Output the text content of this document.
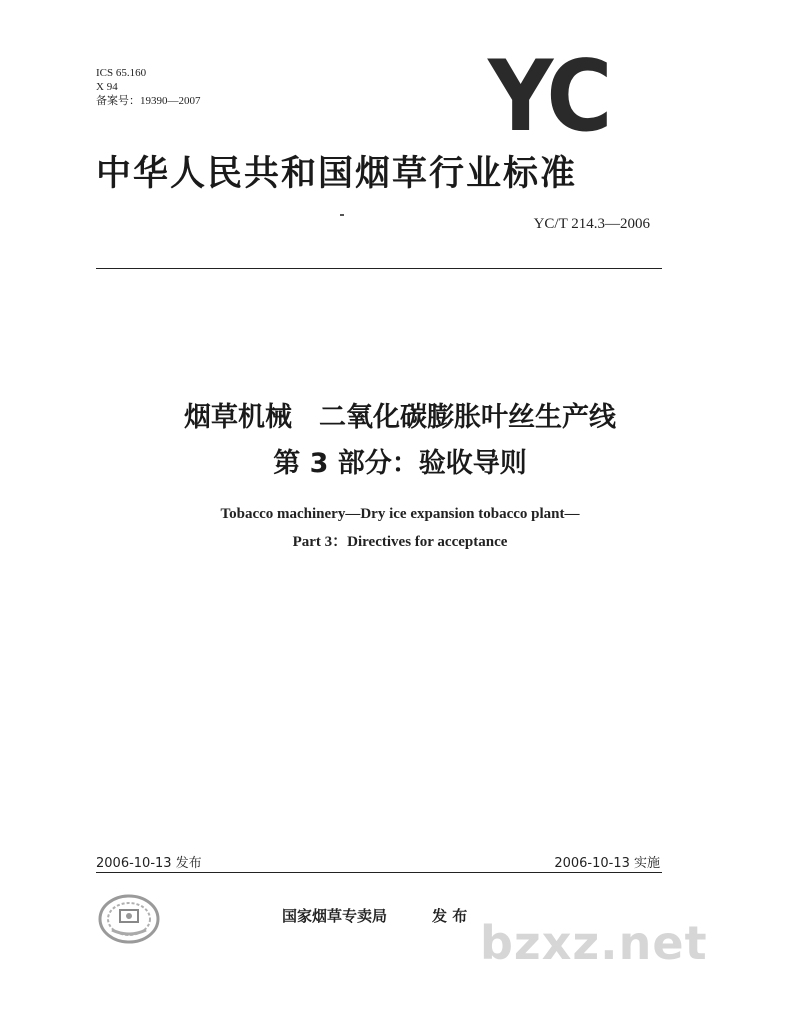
ICS 65.160
X 94
备案号：19390—2007	YC
中华人民共和国烟草行业标准
YC/T 214.3—2006
烟草机械　二氧化碳膨胀叶丝生产线
第 3 部分：验收导则
Tobacco machinery—Dry ice expansion tobacco plant—
Part 3：Directives for acceptance
2006-10-13 发布	2006-10-13 实施
国家烟草专卖局　　　	发 布 bzxz.net
